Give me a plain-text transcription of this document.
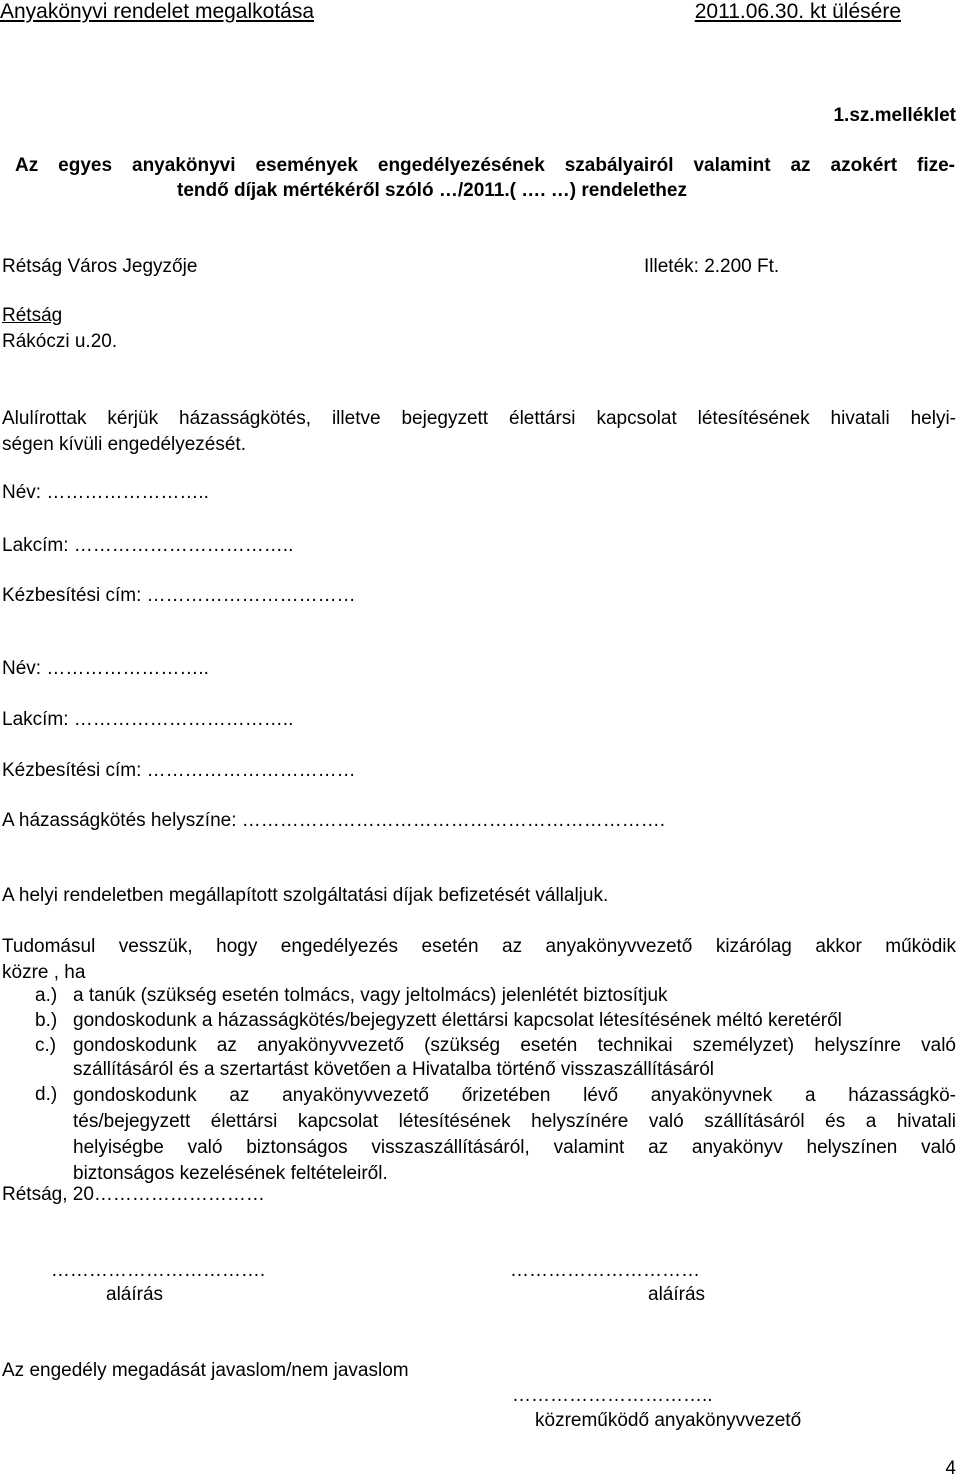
Anyakönyvi rendelet megalkotása	2011.06.30. kt ülésére
1.sz.melléklet
Az egyes anyakönyvi események engedélyezésének szabályairól valamint az azokért fize-
tendő díjak mértékéről szóló …/2011.( …. …) rendelethez
Rétság Város Jegyzője	Illeték: 2.200 Ft.
Rétság
Rákóczi u.20.
Alulírottak kérjük házasságkötés, illetve bejegyzett élettársi kapcsolat létesítésének hivatali helyi-
ségen kívüli engedélyezését.
Név: ……………………..
Lakcím: ……………………………..
Kézbesítési cím: ……………………………
Név: ……………………..
Lakcím: ……………………………..
Kézbesítési cím: ……………………………
A házasságkötés helyszíne: ………………………………………………………….
A helyi rendeletben megállapított szolgáltatási díjak befizetését vállaljuk.
Tudomásul vesszük, hogy engedélyezés esetén az anyakönyvvezető kizárólag akkor működik
közre , ha
a.) a tanúk (szükség esetén tolmács, vagy jeltolmács) jelenlétét biztosítjuk
b.) gondoskodunk a házasságkötés/bejegyzett élettársi kapcsolat létesítésének méltó keretéről
c.) gondoskodunk az anyakönyvvezető (szükség esetén technikai személyzet) helyszínre való
szállításáról és a szertartást követően a Hivatalba történő visszaszállításáról
d.) gondoskodunk az anyakönyvvezető őrizetében lévő anyakönyvnek a házasságkö-
tés/bejegyzett élettársi kapcsolat létesítésének helyszínére való szállításáról és a hivatali
helyiségbe való biztonságos visszaszállításáról, valamint az anyakönyv helyszínen való
biztonságos kezelésének feltételeiről.
Rétság, 20………………………
…………………………….
aláírás
…………………………
aláírás
Az engedély megadását javaslom/nem javaslom
…………………………..
közreműködő anyakönyvvezető
4
